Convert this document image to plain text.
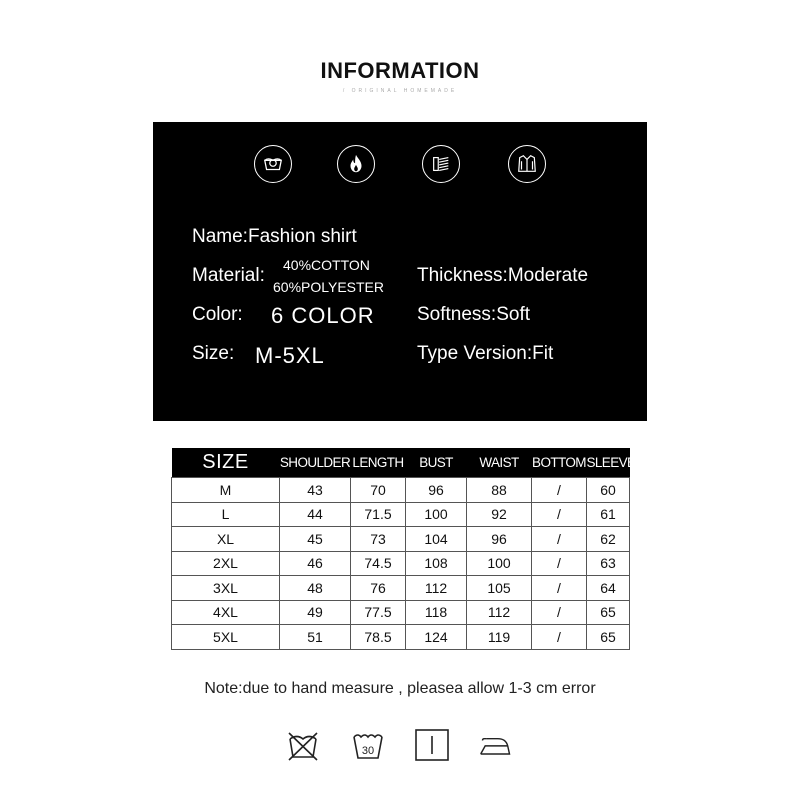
INFORMATION
/ ORIGINAL HOMEMADE
Name:Fashion shirt
Material: 40%COTTON
60%POLYESTER
Color: 6 COLOR
Size: M-5XL
Thickness:Moderate
Softness:Soft
Type Version:Fit
SIZE	SHOULDER	LENGTH	BUST	WAIST	BOTTOM	SLEEVE
M	43	70	96	88	/	60
L	44	71.5	100	92	/	61
XL	45	73	104	96	/	62
2XL	46	74.5	108	100	/	63
3XL	48	76	112	105	/	64
4XL	49	77.5	118	112	/	65
5XL	51	78.5	124	119	/	65
Note:due to hand measure , pleasea allow 1-3 cm error
30
